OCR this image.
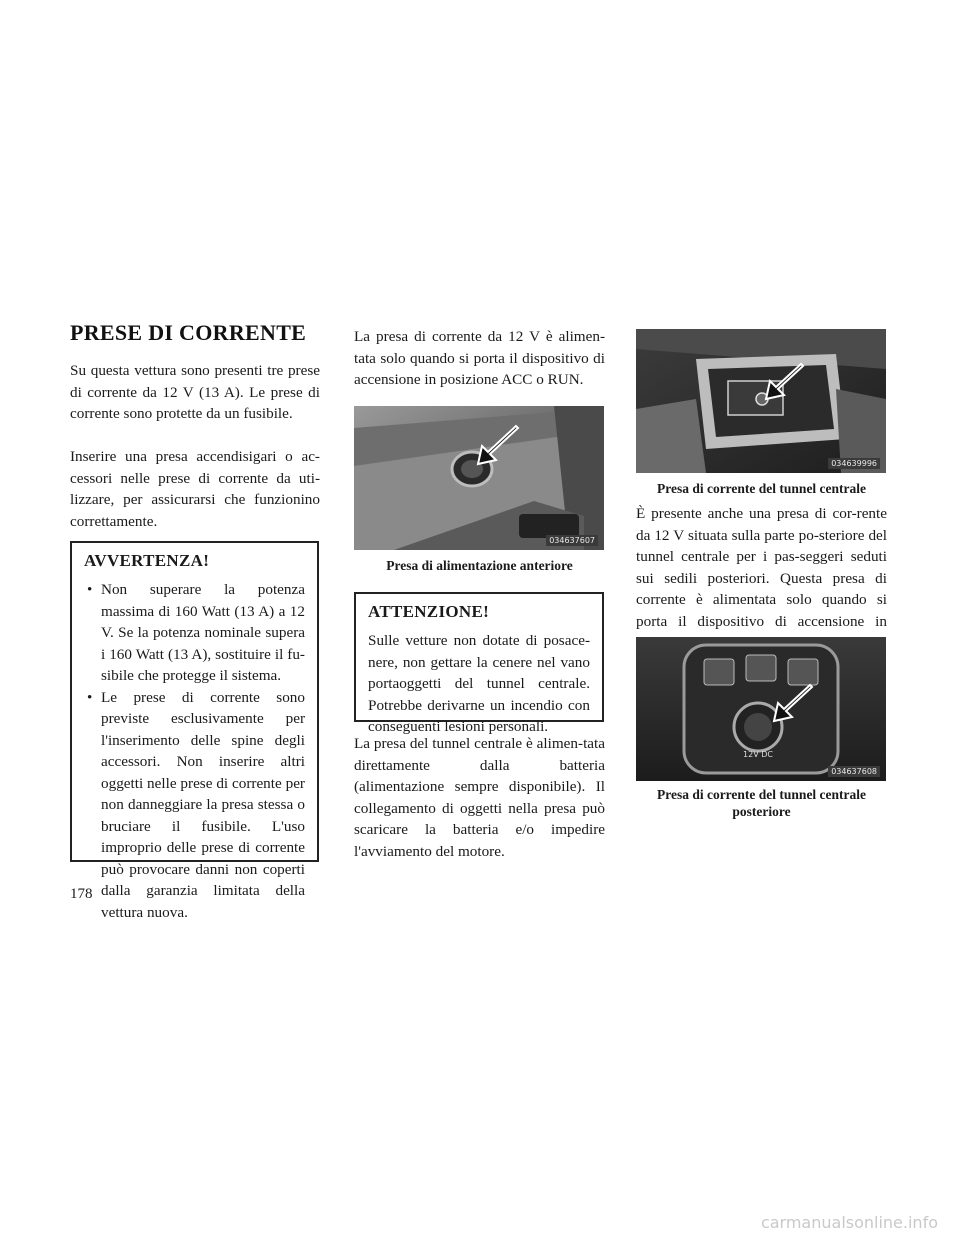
PRESE DI CORRENTE

Su questa vettura sono presenti tre prese di corrente da 12 V (13 A). Le prese di corrente sono protette da un fusibile.

Inserire una presa accendisigari o ac-cessori nelle prese di corrente da uti-lizzare, per assicurarsi che funzionino correttamente.

AVVERTENZA!
• Non superare la potenza massima di 160 Watt (13 A) a 12 V. Se la potenza nominale supera i 160 Watt (13 A), sostituire il fu-sibile che protegge il sistema.
• Le prese di corrente sono previste esclusivamente per l'inserimento delle spine degli accessori. Non inserire altri oggetti nelle prese di corrente per non danneggiare la presa stessa o bruciare il fusibile. L'uso improprio delle prese di corrente può provocare danni non coperti dalla garanzia limitata della vettura nuova.

La presa di corrente da 12 V è alimen-tata solo quando si porta il dispositivo di accensione in posizione ACC o RUN.

034637607
Presa di alimentazione anteriore
ATTENZIONE!

Sulle vetture non dotate di posace-nere, non gettare la cenere nel vano portaoggetti del tunnel centrale. Potrebbe derivarne un incendio con conseguenti lesioni personali.

La presa del tunnel centrale è alimen-tata direttamente dalla batteria (alimentazione sempre disponibile). Il collegamento di oggetti nella presa può scaricare la batteria e/o impedire l'avviamento del motore.

034639996
Presa di corrente del tunnel centrale

È presente anche una presa di cor-rente da 12 V situata sulla parte po-steriore del tunnel centrale per i pas-seggeri seduti sui sedili posteriori. Questa presa di corrente è alimentata solo quando si porta il dispositivo di accensione in

12V DC
034637608
Presa di corrente del tunnel centrale
posteriore
178
carmanualsonline.info
